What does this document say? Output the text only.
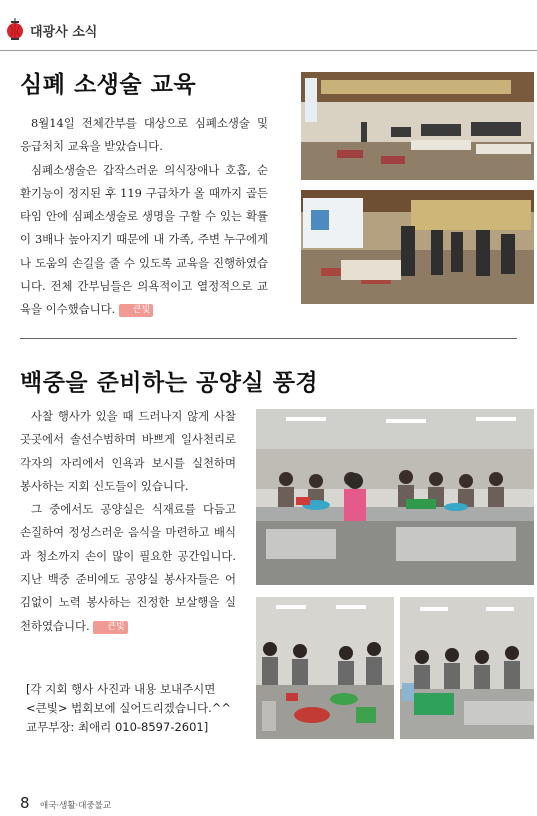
대광사 소식
심폐 소생술 교육

8월14일 전체간부를 대상으로 심폐소생술 및 응급처치 교육을 받았습니다.

심폐소생술은 갑작스러운 의식장애나 호흡, 순환기능이 정지된 후 119 구급차가 올 때까지 골든타임 안에 심폐소생술로 생명을 구할 수 있는 확률이 3배나 높아지기 때문에 내 가족, 주변 누구에게나 도움의 손길을 줄 수 있도록 교육을 진행하였습니다. 전체 간부님들은 의욕적이고 열정적으로 교육을 이수했습니다. 큰빛

백중을 준비하는 공양실 풍경

사찰 행사가 있을 때 드러나지 않게 사찰 곳곳에서 솔선수범하며 바쁘게 일사천리로 각자의 자리에서 인욕과 보시를 실천하며 봉사하는 지회 신도들이 있습니다.

그 중에서도 공양실은 식재료를 다듬고 손질하여 정성스러운 음식을 마련하고 배식과 청소까지 손이 많이 필요한 공간입니다. 지난 백중 준비에도 공양실 봉사자들은 어김없이 노력 봉사하는 진정한 보살행을 실천하였습니다. 큰빛

[각 지회 행사 사진과 내용 보내주시면
<큰빛> 법회보에 실어드리겠습니다.^^
교무부장: 최애리 010-8597-2601]
8 애국·생활·대중불교
